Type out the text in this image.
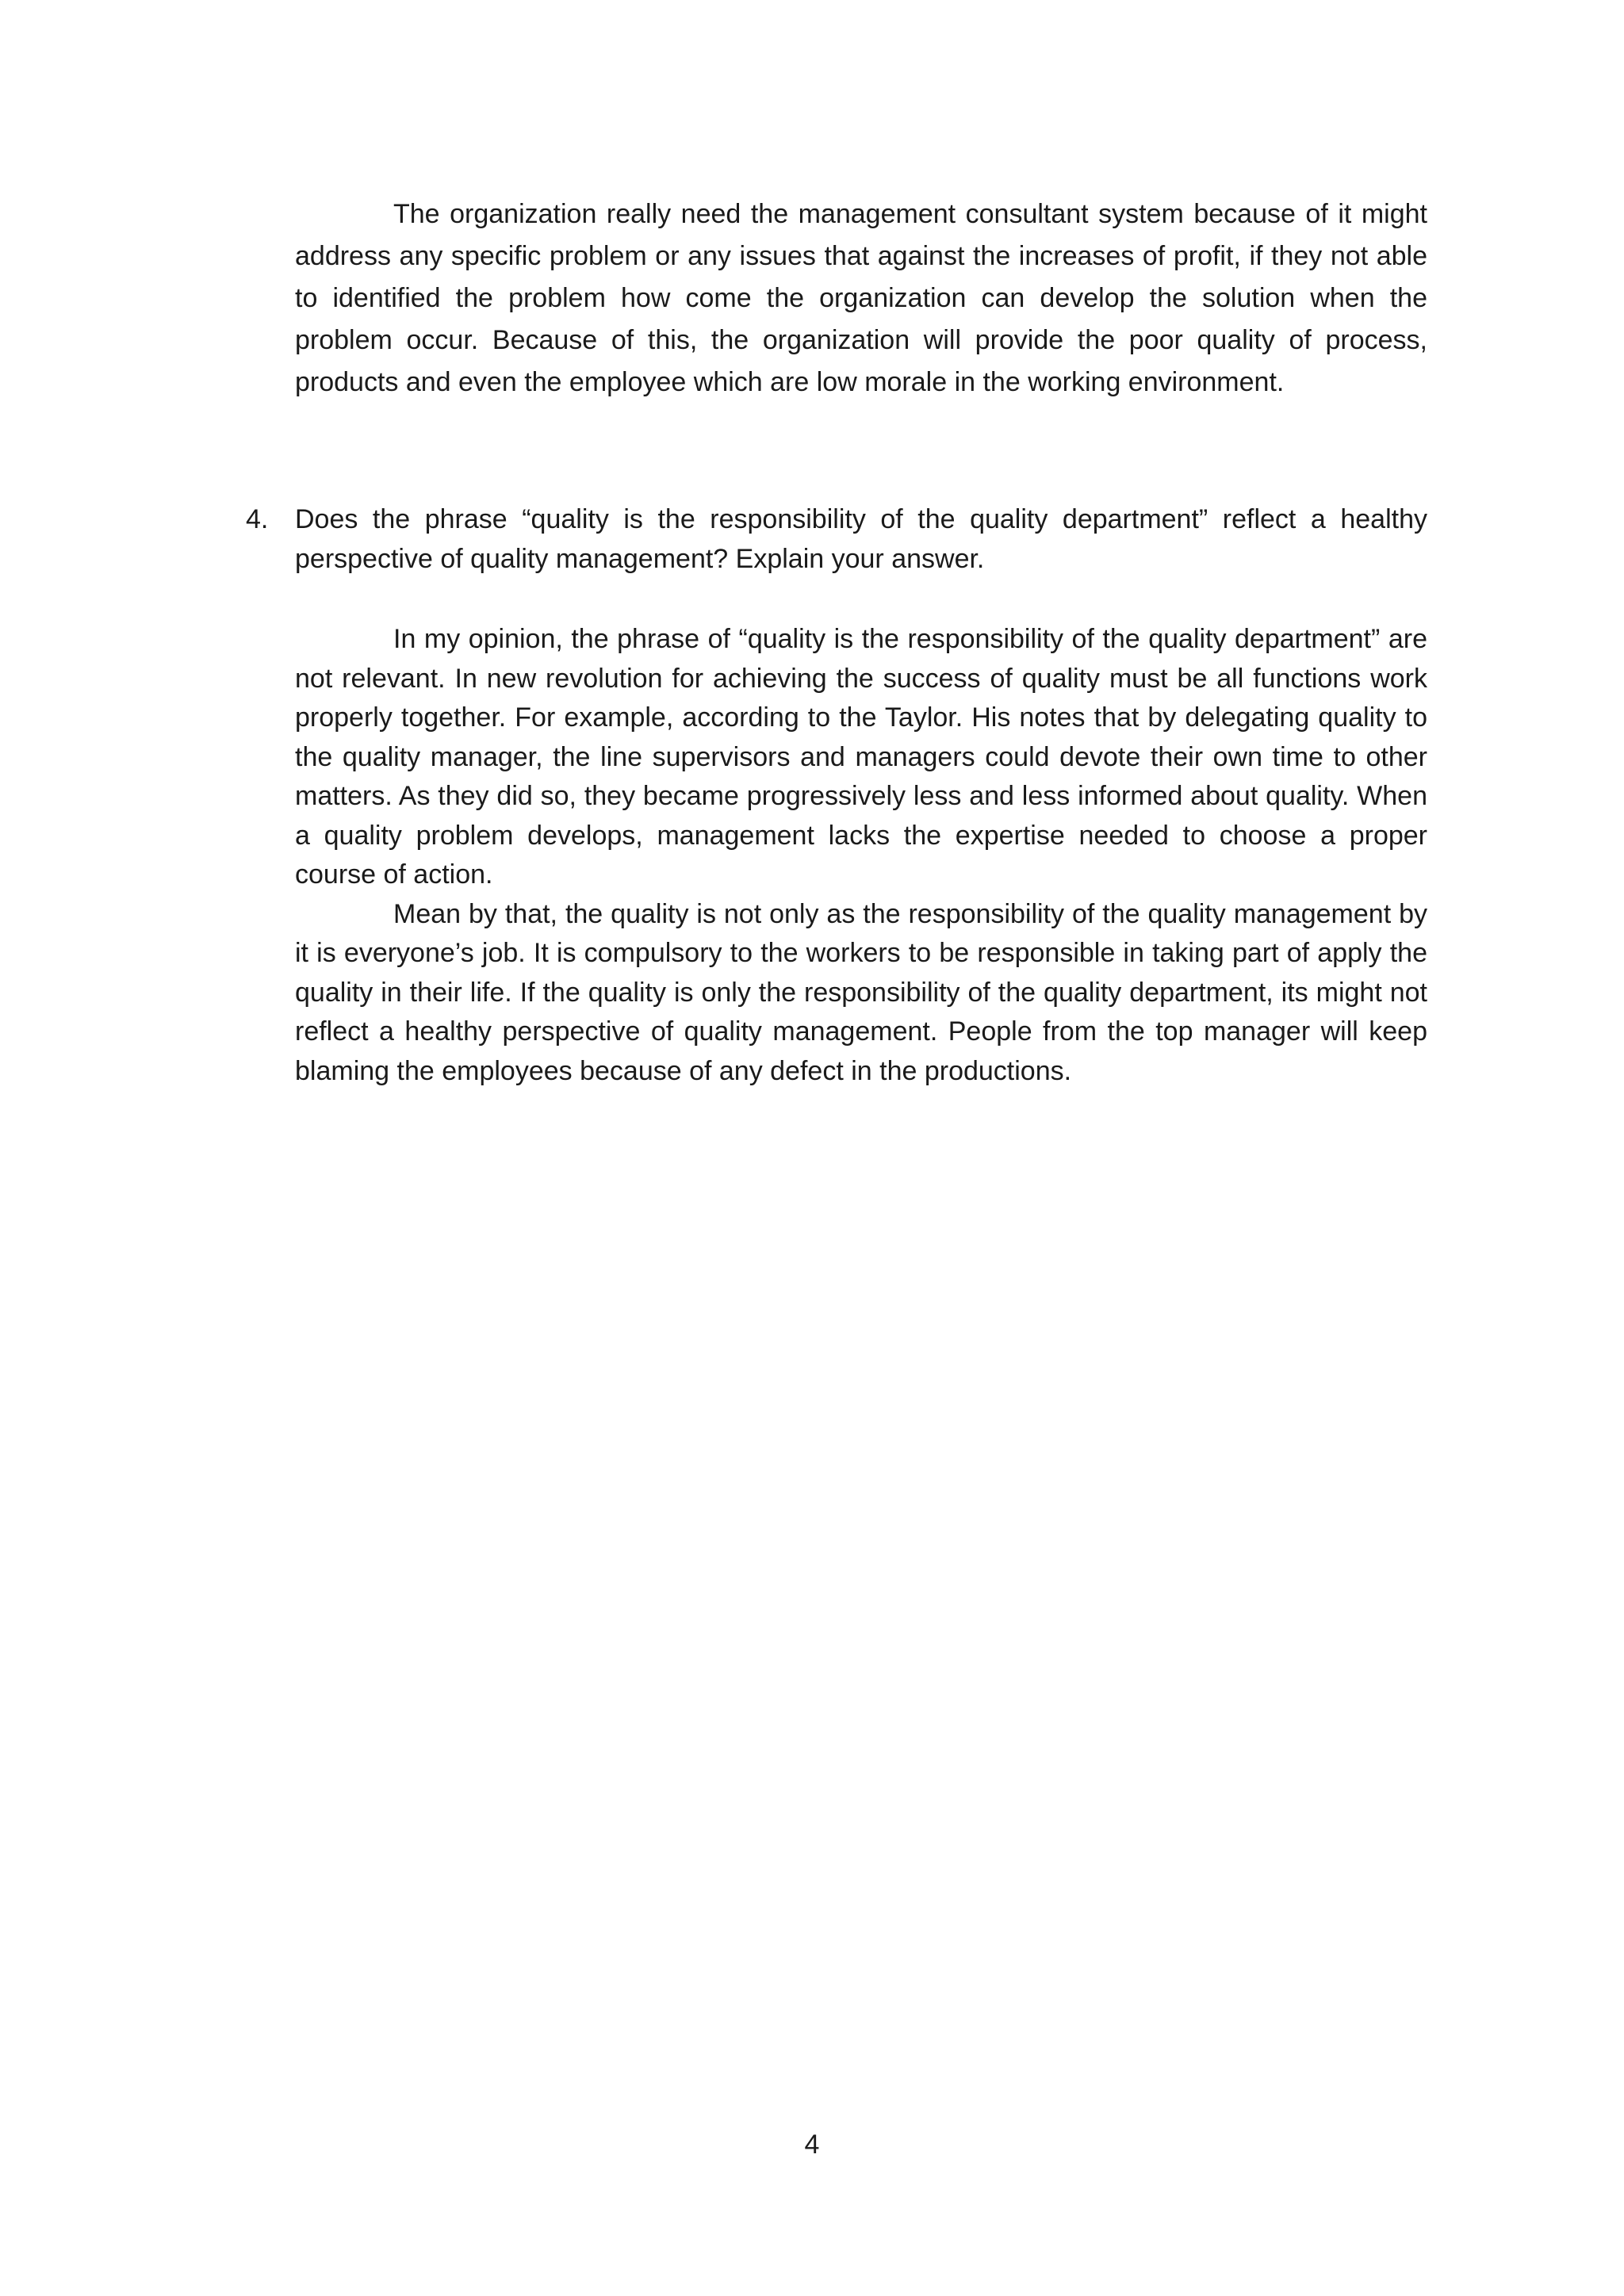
The organization really need the management consultant system because of it might address any specific problem or any issues that against the increases of profit, if they not able to identified the problem how come the organization can develop the solution when the problem occur. Because of this, the organization will provide the poor quality of process, products and even the employee which are low morale in the working environment.

4. Does the phrase “quality is the responsibility of the quality department” reflect a healthy perspective of quality management? Explain your answer.

In my opinion, the phrase of “quality is the responsibility of the quality department” are not relevant. In new revolution for achieving the success of quality must be all functions work properly together. For example, according to the Taylor. His notes that by delegating quality to the quality manager, the line supervisors and managers could devote their own time to other matters. As they did so, they became progressively less and less informed about quality. When a quality problem develops, management lacks the expertise needed to choose a proper course of action.

Mean by that, the quality is not only as the responsibility of the quality management by it is everyone’s job. It is compulsory to the workers to be responsible in taking part of apply the quality in their life. If the quality is only the responsibility of the quality department, its might not reflect a healthy perspective of quality management. People from the top manager will keep blaming the employees because of any defect in the productions.

4
